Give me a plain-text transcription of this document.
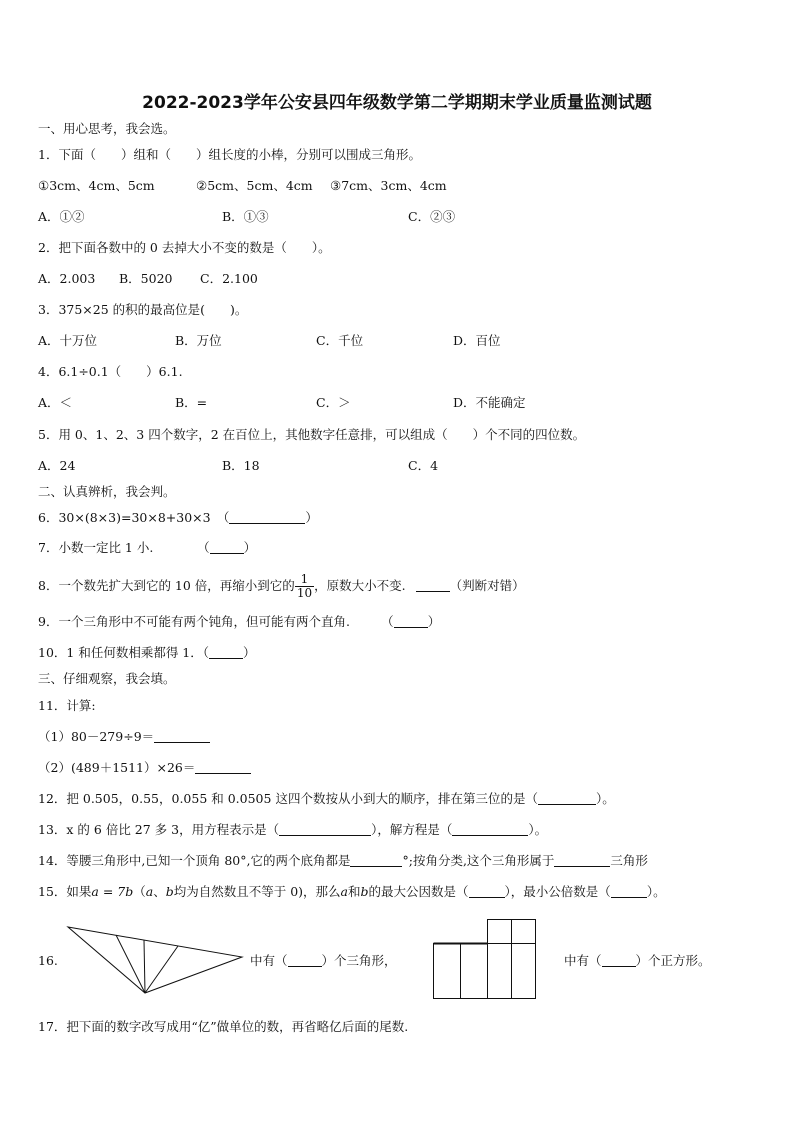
2022-2023学年公安县四年级数学第二学期期末学业质量监测试题
一、用心思考，我会选。
1．下面（　　）组和（　　）组长度的小棒，分别可以围成三角形。
①3cm、4cm、5cm	②5cm、5cm、4cm ③7cm、3cm、4cm
A．①②	B．①③	C．②③
2．把下面各数中的 0 去掉大小不变的数是（　　）。
A．2.003 B．5020 C．2.100
3．375×25 的积的最高位是(　　)。
A．十万位	B．万位	C．千位	D．百位
4．6.1÷0.1（　　）6.1.
A．＜	B．=	C．＞	D．不能确定
5．用 0、1、2、3 四个数字，2 在百位上，其他数字任意排，可以组成（　　）个不同的四位数。
A．24	B．18	C．4
二、认真辨析，我会判。
6．30×(8×3)=30×8+30×3　（	）
7．小数一定比 1 小.　　　　（	）
8．一个数先扩大到它的 10 倍，再缩小到它的 $\frac{1}{10}$ ，原数大小不变.	（判断对错）
9．一个三角形中不可能有两个钝角，但可能有两个直角.　　　（	）
10．1 和任何数相乘都得 1．（	）
三、仔细观察，我会填。
11．计算:
（1）80－279÷9＝
（2）(489＋1511）×26＝
12．把 0.505，0.55，0.055 和 0.0505 这四个数按从小到大的顺序，排在第三位的是（	）。
13．x 的 6 倍比 27 多 3，用方程表示是（	），解方程是（	）。
14．等腰三角形中,已知一个顶角 80°,它的两个底角都是	°;按角分类,这个三角形属于	三角形
15．如果a = 7b（a、b均为自然数且不等于 0)，那么a和b的最大公因数是（	），最小公倍数是（	）。
16.	中有（	）个三角形，	中有（	）个正方形。
17．把下面的数字改写成用“亿”做单位的数，再省略亿后面的尾数.
